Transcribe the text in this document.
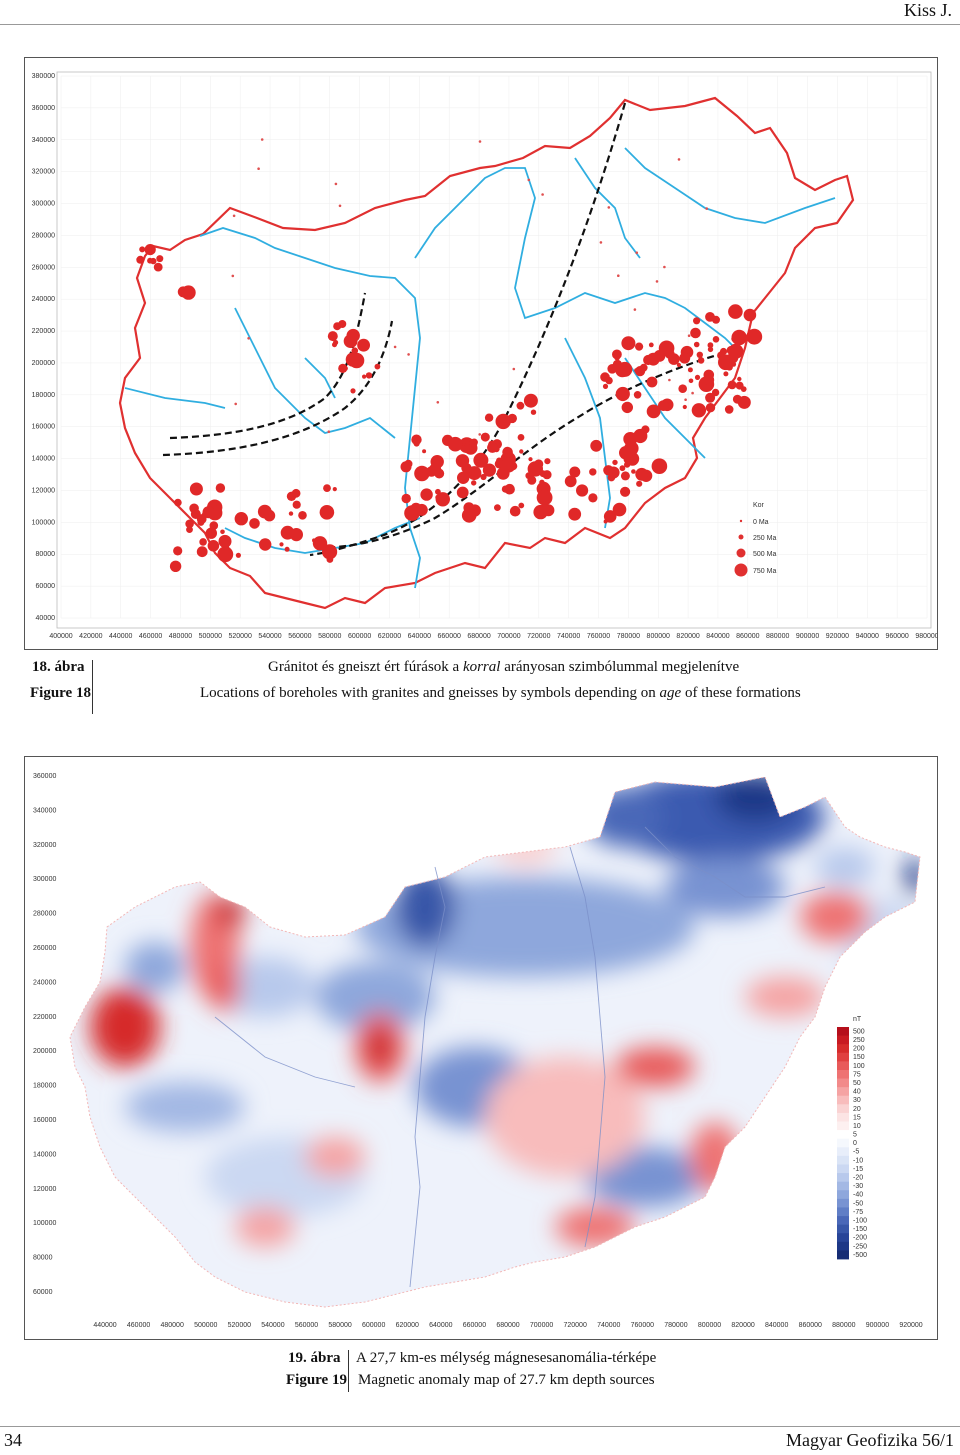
Kiss J.
380000
360000
340000
320000
300000
280000
260000
240000
220000
200000
180000
160000
140000
120000
100000
80000
60000
40000
400000 420000 440000 460000 480000 500000 520000 540000 560000 580000 600000 620000 640000 660000 680000 700000 720000 740000 760000 780000 800000 820000 840000 860000 880000 900000 920000 940000 960000 980000
Kor
0 Ma
250 Ma
500 Ma
750 Ma
18. ábra
Figure 18
Gránitot és gneiszt ért fúrások a korral arányosan szimbólummal megjelenítve
Locations of boreholes with granites and gneisses by symbols depending on age of these formations
360000
340000
320000
300000
280000
260000
240000
220000
200000
180000
160000
140000
120000
100000
80000
60000
440000 460000 480000 500000 520000 540000 560000 580000 600000 620000 640000 660000 680000 700000 720000 740000 760000 780000 800000 820000 840000 860000 880000 900000 920000
nT
500
250
200
150
100
75
50
40
30
20
15
10
5
0
-5
-10
-15
-20
-30
-40
-50
-75
-100
-150
-200
-250
-500
19. ábra
Figure 19
A 27,7 km-es mélység mágnesesanomália-térképe
Magnetic anomaly map of 27.7 km depth sources
34	Magyar Geofizika 56/1
